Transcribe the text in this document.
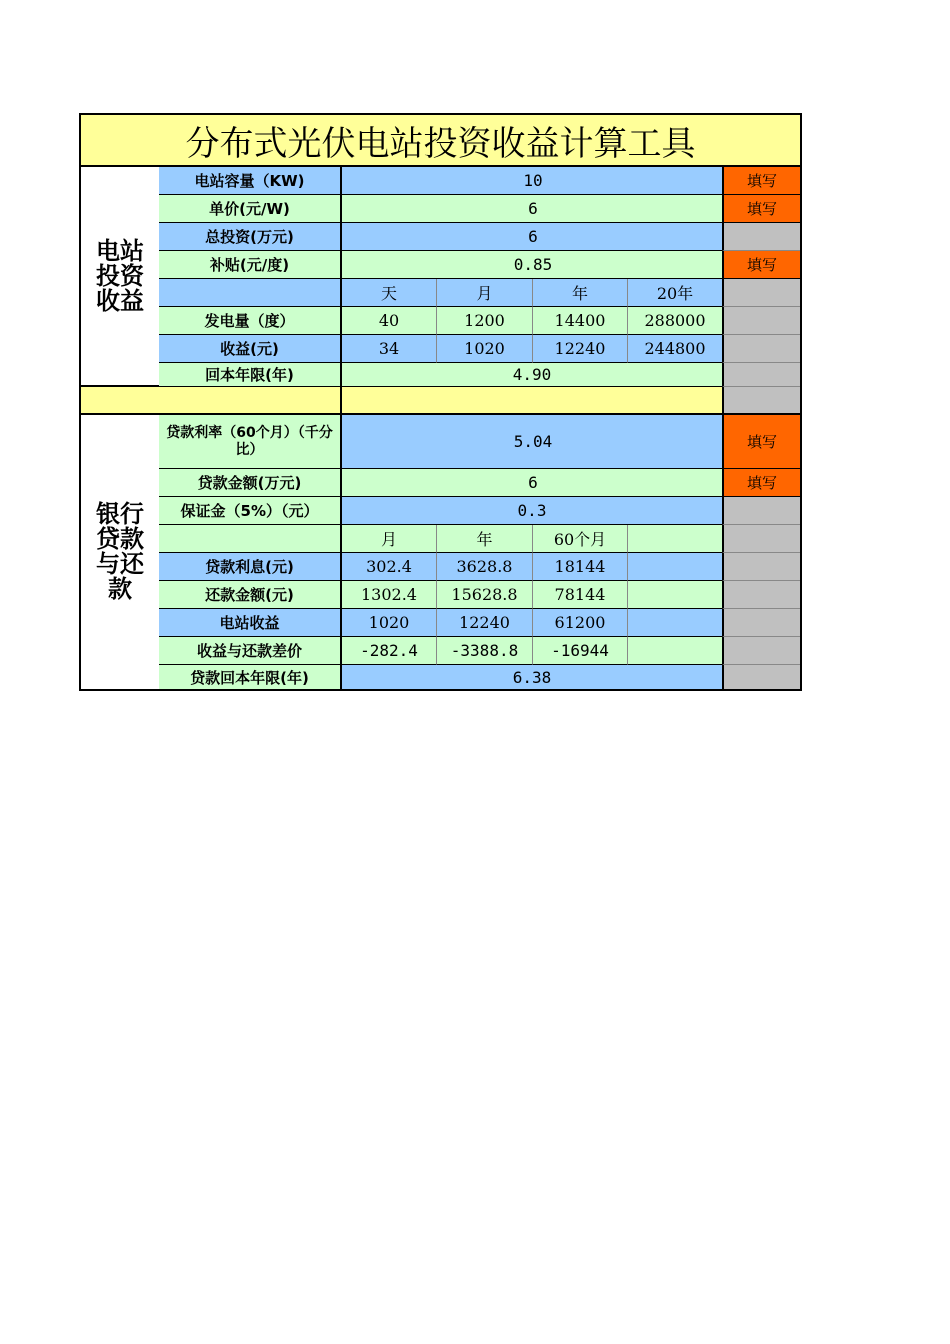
分布式光伏电站投资收益计算工具
电站投资收益
银行贷款与还款
电站容量（KW)	10	填写
单价(元/W)	6	填写
总投资(万元)	6
补贴(元/度)	0.85	填写
天	月	年	20年
发电量（度）	40	1200	14400	288000
收益(元)	34	1020	12240	244800
回本年限(年)	4.90
贷款利率（60个月）（千分比）	5.04	填写
贷款金额(万元)	6	填写
保证金（5%）（元）	0.3
月	年	60个月
贷款利息(元)	302.4	3628.8	18144
还款金额(元)	1302.4	15628.8	78144
电站收益	1020	12240	61200
收益与还款差价	-282.4	-3388.8	-16944
贷款回本年限(年)	6.38
